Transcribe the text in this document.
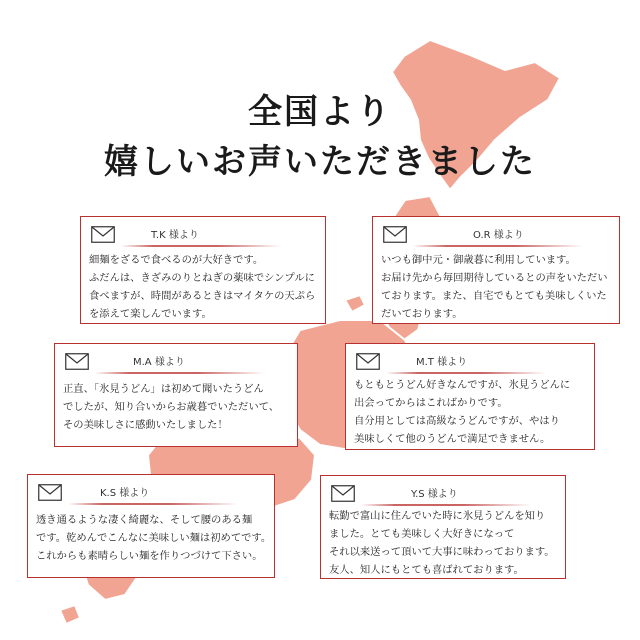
全国より
嬉しいお声いただきました
T.K 様より
細麺をざるで食べるのが大好きです。
ふだんは、きざみのりとねぎの薬味でシンプルに
食べますが、時間があるときはマイタケの天ぷら
を添えて楽しんでいます。
O.R 様より
いつも御中元・御歳暮に利用しています。
お届け先から毎回期待しているとの声をいただい
ております。また、自宅でもとても美味しくいた
だいております。
M.A 様より
正直、「氷見うどん」は初めて聞いたうどん
でしたが、知り合いからお歳暮でいただいて、
その美味しさに感動いたしました！
M.T 様より
もともとうどん好きなんですが、氷見うどんに
出会ってからはこればかりです。
自分用としては高級なうどんですが、やはり
美味しくて他のうどんで満足できません。
K.S 様より
透き通るような凄く綺麗な、そして腰のある麺
です。乾めんでこんなに美味しい麺は初めてです。
これからも素晴らしい麺を作りつづけて下さい。
Y.S 様より
転勤で富山に住んでいた時に氷見うどんを知り
ました。とても美味しく大好きになって
それ以来送って頂いて大事に味わっております。
友人、知人にもとても喜ばれております。
